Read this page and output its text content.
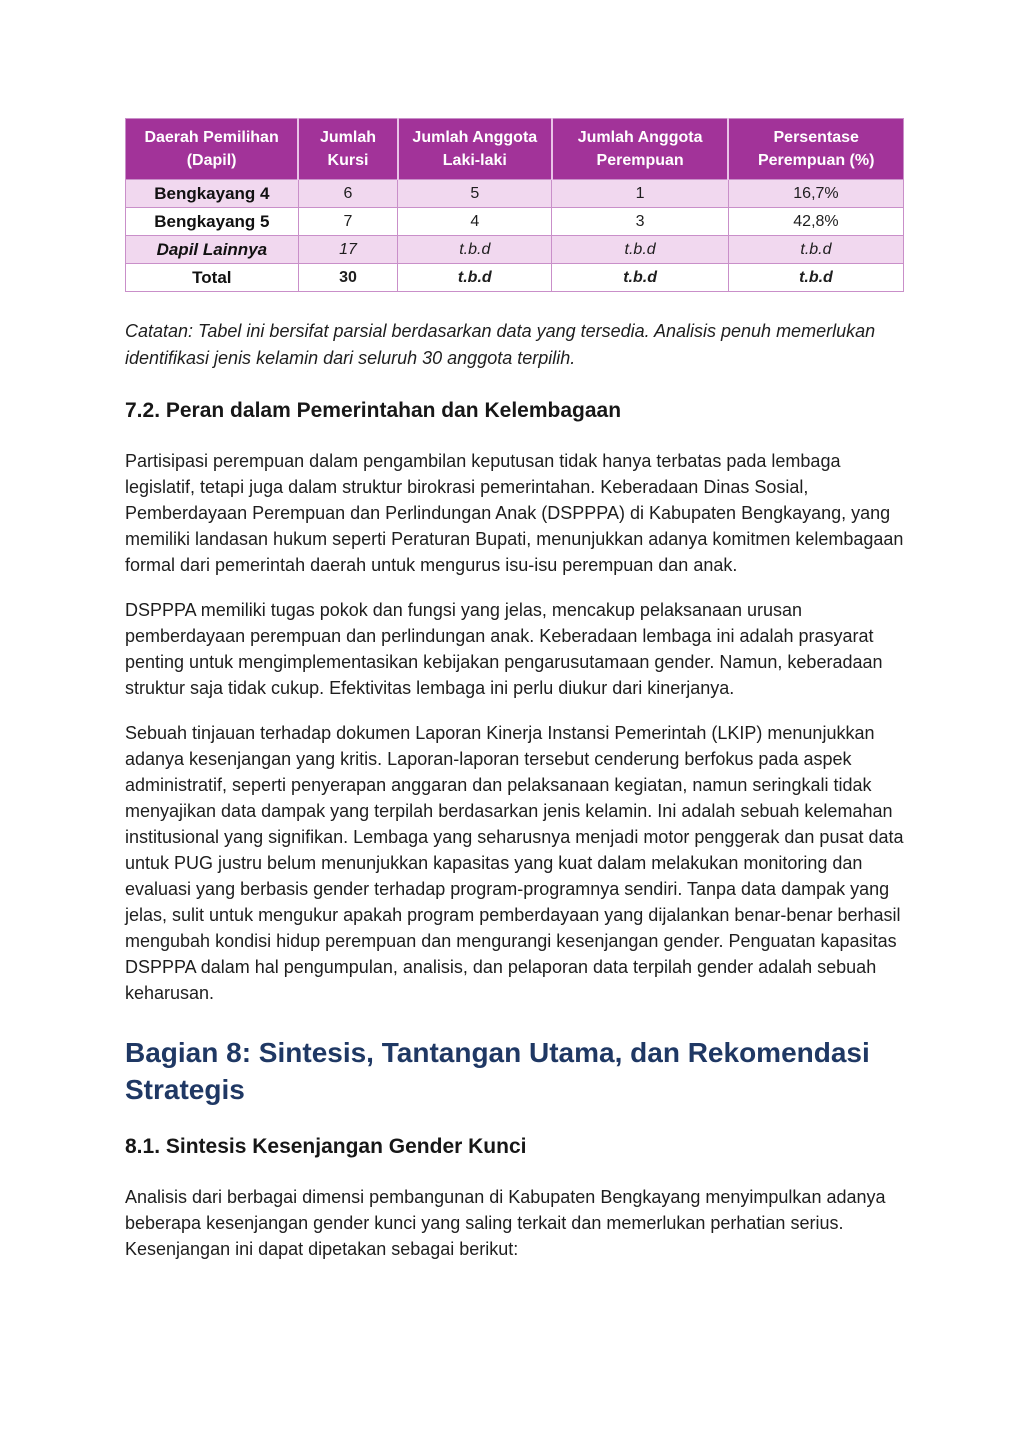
Daerah Pemilihan (Dapil)	Jumlah Kursi	Jumlah Anggota Laki-laki	Jumlah Anggota Perempuan	Persentase Perempuan (%)
Bengkayang 4	6	5	1	16,7%
Bengkayang 5	7	4	3	42,8%
Dapil Lainnya	17	t.b.d	t.b.d	t.b.d
Total	30	t.b.d	t.b.d	t.b.d

Catatan: Tabel ini bersifat parsial berdasarkan data yang tersedia. Analisis penuh memerlukan identifikasi jenis kelamin dari seluruh 30 anggota terpilih.

7.2. Peran dalam Pemerintahan dan Kelembagaan

Partisipasi perempuan dalam pengambilan keputusan tidak hanya terbatas pada lembaga legislatif, tetapi juga dalam struktur birokrasi pemerintahan. Keberadaan Dinas Sosial, Pemberdayaan Perempuan dan Perlindungan Anak (DSPPPA) di Kabupaten Bengkayang, yang memiliki landasan hukum seperti Peraturan Bupati, menunjukkan adanya komitmen kelembagaan formal dari pemerintah daerah untuk mengurus isu-isu perempuan dan anak.

DSPPPA memiliki tugas pokok dan fungsi yang jelas, mencakup pelaksanaan urusan pemberdayaan perempuan dan perlindungan anak. Keberadaan lembaga ini adalah prasyarat penting untuk mengimplementasikan kebijakan pengarusutamaan gender. Namun, keberadaan struktur saja tidak cukup. Efektivitas lembaga ini perlu diukur dari kinerjanya.

Sebuah tinjauan terhadap dokumen Laporan Kinerja Instansi Pemerintah (LKIP) menunjukkan adanya kesenjangan yang kritis. Laporan-laporan tersebut cenderung berfokus pada aspek administratif, seperti penyerapan anggaran dan pelaksanaan kegiatan, namun seringkali tidak menyajikan data dampak yang terpilah berdasarkan jenis kelamin. Ini adalah sebuah kelemahan institusional yang signifikan. Lembaga yang seharusnya menjadi motor penggerak dan pusat data untuk PUG justru belum menunjukkan kapasitas yang kuat dalam melakukan monitoring dan evaluasi yang berbasis gender terhadap program-programnya sendiri. Tanpa data dampak yang jelas, sulit untuk mengukur apakah program pemberdayaan yang dijalankan benar-benar berhasil mengubah kondisi hidup perempuan dan mengurangi kesenjangan gender. Penguatan kapasitas DSPPPA dalam hal pengumpulan, analisis, dan pelaporan data terpilah gender adalah sebuah keharusan.

Bagian 8: Sintesis, Tantangan Utama, dan Rekomendasi Strategis
8.1. Sintesis Kesenjangan Gender Kunci

Analisis dari berbagai dimensi pembangunan di Kabupaten Bengkayang menyimpulkan adanya beberapa kesenjangan gender kunci yang saling terkait dan memerlukan perhatian serius. Kesenjangan ini dapat dipetakan sebagai berikut:
